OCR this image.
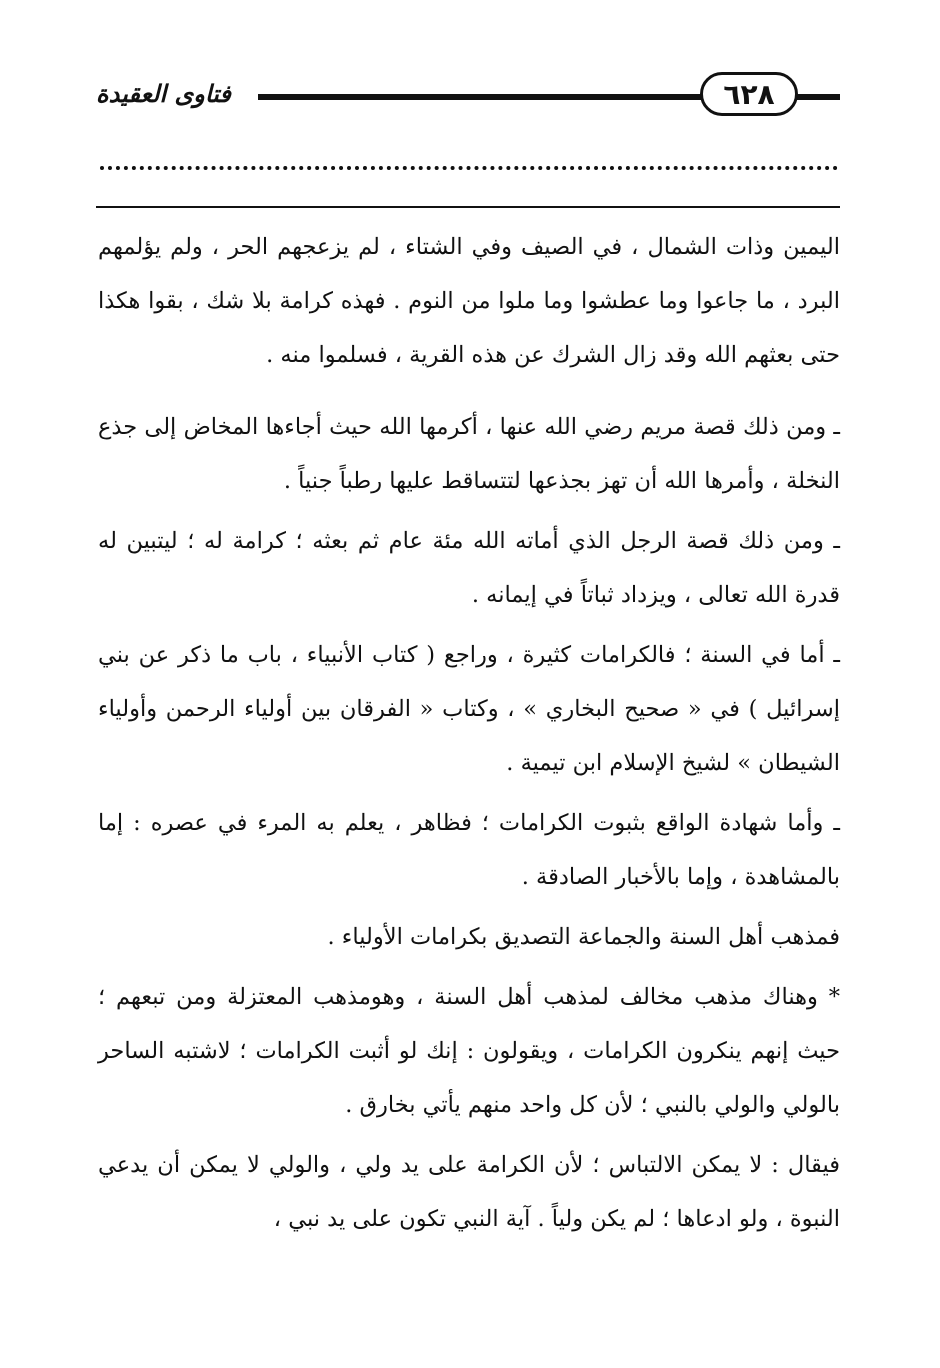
فتاوى العقيدة	٦٢٨

اليمين وذات الشمال ، في الصيف وفي الشتاء ، لم يزعجهم الحر ، ولم يؤلمهم البرد ، ما جاعوا وما عطشوا وما ملوا من النوم . فهذه كرامة بلا شك ، بقوا هكذا حتى بعثهم الله وقد زال الشرك عن هذه القرية ، فسلموا منه .

ـ ومن ذلك قصة مريم رضي الله عنها ، أكرمها الله حيث أجاءها المخاض إلى جذع النخلة ، وأمرها الله أن تهز بجذعها لتتساقط عليها رطباً جنياً .

ـ ومن ذلك قصة الرجل الذي أماته الله مئة عام ثم بعثه ؛ كرامة له ؛ ليتبين له قدرة الله تعالى ، ويزداد ثباتاً في إيمانه .

ـ أما في السنة ؛ فالكرامات كثيرة ، وراجع ( كتاب الأنبياء ، باب ما ذكر عن بني إسرائيل ) في « صحيح البخاري » ، وكتاب « الفرقان بين أولياء الرحمن وأولياء الشيطان » لشيخ الإسلام ابن تيمية .

ـ وأما شهادة الواقع بثبوت الكرامات ؛ فظاهر ، يعلم به المرء في عصره : إما بالمشاهدة ، وإما بالأخبار الصادقة .

فمذهب أهل السنة والجماعة التصديق بكرامات الأولياء .

* وهناك مذهب مخالف لمذهب أهل السنة ، وهومذهب المعتزلة ومن تبعهم ؛ حيث إنهم ينكرون الكرامات ، ويقولون : إنك لو أثبت الكرامات ؛ لاشتبه الساحر بالولي والولي بالنبي ؛ لأن كل واحد منهم يأتي بخارق .

فيقال : لا يمكن الالتباس ؛ لأن الكرامة على يد ولي ، والولي لا يمكن أن يدعي النبوة ، ولو ادعاها ؛ لم يكن ولياً . آية النبي تكون على يد نبي ،
